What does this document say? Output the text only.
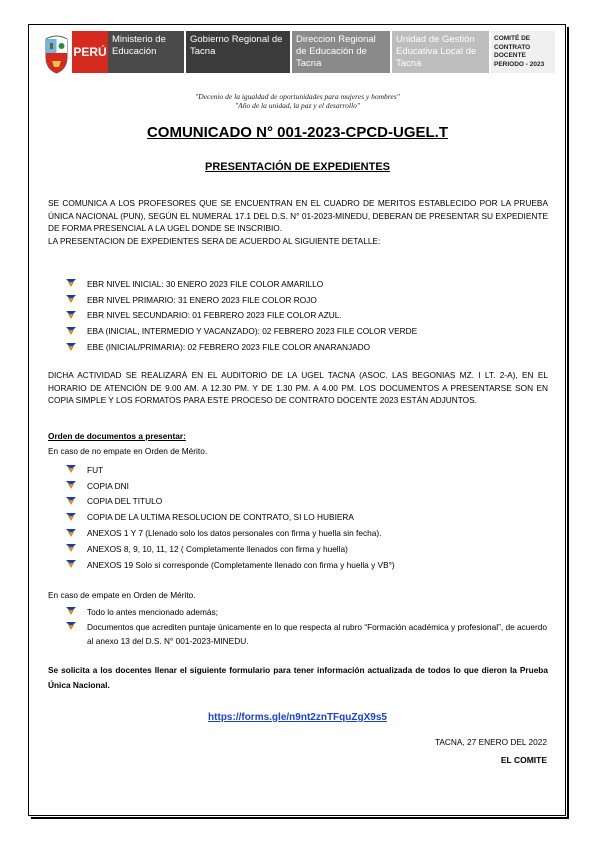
PERÚ
Ministerio de Educación
Gobierno Regional de Tacna
Direccion Regional de Educación de Tacna
Unidad de Gestión Educativa Local de Tacna
COMITÉ DE CONTRATO DOCENTE PERIODO - 2023
"Decenio de la igualdad de oportunidades para mujeres y hombres"
"Año de la unidad, la paz y el desarrollo"
COMUNICADO N° 001-2023-CPCD-UGEL.T
PRESENTACIÓN DE EXPEDIENTES
SE COMUNICA A LOS PROFESORES QUE SE ENCUENTRAN EN EL CUADRO DE MERITOS ESTABLECIDO POR LA PRUEBA ÚNICA NACIONAL (PUN), SEGÚN EL NUMERAL 17.1 DEL D.S. N° 01-2023-MINEDU, DEBERAN DE PRESENTAR SU EXPEDIENTE DE FORMA PRESENCIAL A LA UGEL DONDE SE INSCRIBIO.
LA PRESENTACION DE EXPEDIENTES SERA DE ACUERDO AL SIGUIENTE DETALLE:
EBR NIVEL INICIAL: 30 ENERO 2023 FILE COLOR AMARILLO
EBR NIVEL PRIMARIO: 31 ENERO 2023 FILE COLOR ROJO
EBR NIVEL SECUNDARIO: 01 FEBRERO 2023 FILE COLOR AZUL.
EBA (INICIAL, INTERMEDIO Y VACANZADO): 02 FEBRERO 2023 FILE COLOR VERDE
EBE (INICIAL/PRIMARIA): 02 FEBRERO 2023 FILE COLOR ANARANJADO
DICHA ACTIVIDAD SE REALIZARÁ EN EL AUDITORIO DE LA UGEL TACNA (ASOC. LAS BEGONIAS MZ. I LT. 2-A), EN EL HORARIO DE ATENCIÓN DE 9.00 AM. A 12.30 PM. Y DE 1.30 PM. A 4.00 PM. LOS DOCUMENTOS A PRESENTARSE SON EN COPIA SIMPLE Y LOS FORMATOS PARA ESTE PROCESO DE CONTRATO DOCENTE 2023 ESTÁN ADJUNTOS.
Orden de documentos a presentar:
En caso de no empate en Orden de Mérito.
FUT
COPIA DNI
COPIA DEL TITULO
COPIA DE LA ULTIMA RESOLUCION DE CONTRATO, SI LO HUBIERA
ANEXOS 1 Y 7 (Llenado solo los datos personales con firma y huella sin fecha).
ANEXOS 8, 9, 10, 11, 12 ( Completamente llenados con firma y huella)
ANEXOS 19 Solo si corresponde (Completamente llenado con firma y huella y VB°)
En caso de empate en Orden de Mérito.
Todo lo antes mencionado además;
Documentos que acrediten puntaje únicamente en lo que respecta al rubro “Formación académica y profesional”, de acuerdo al anexo 13 del D.S. N° 001-2023-MINEDU.
Se solicita a los docentes llenar el siguiente formulario para tener información actualizada de todos lo que dieron la Prueba Única Nacional.
https://forms.gle/n9nt2znTFquZgX9s5
TACNA, 27 ENERO DEL 2022
EL COMITE
